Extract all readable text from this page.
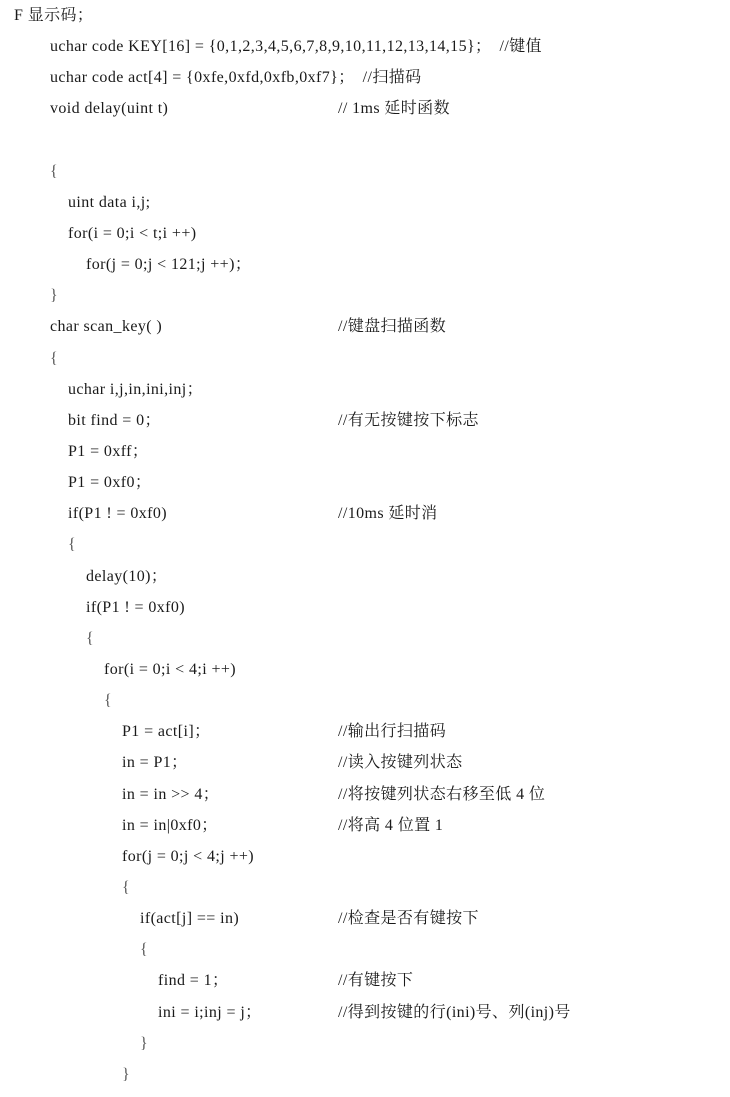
F 显示码；
uchar code KEY[16] = {0,1,2,3,4,5,6,7,8,9,10,11,12,13,14,15}； //键值
uchar code act[4] = {0xfe,0xfd,0xfb,0xf7}； //扫描码
void delay(uint t)	// 1ms 延时函数
{
uint data i,j;
for(i = 0;i < t;i ++)
for(j = 0;j < 121;j ++)；
}
char scan_key( )	//键盘扫描函数
{
uchar i,j,in,ini,inj；
bit find = 0；	//有无按键按下标志
P1 = 0xff；
P1 = 0xf0；
if(P1 ! = 0xf0)	//10ms 延时消
{
delay(10)；
if(P1 ! = 0xf0)
{
for(i = 0;i < 4;i ++)
{
P1 = act[i]；	//输出行扫描码
in = P1；	//读入按键列状态
in = in >> 4；	//将按键列状态右移至低 4 位
in = in|0xf0；	//将高 4 位置 1
for(j = 0;j < 4;j ++)
{
if(act[j] == in)	//检查是否有键按下
{
find = 1；	//有键按下
ini = i;inj = j；	//得到按键的行(ini)号、列(inj)号
}
}
